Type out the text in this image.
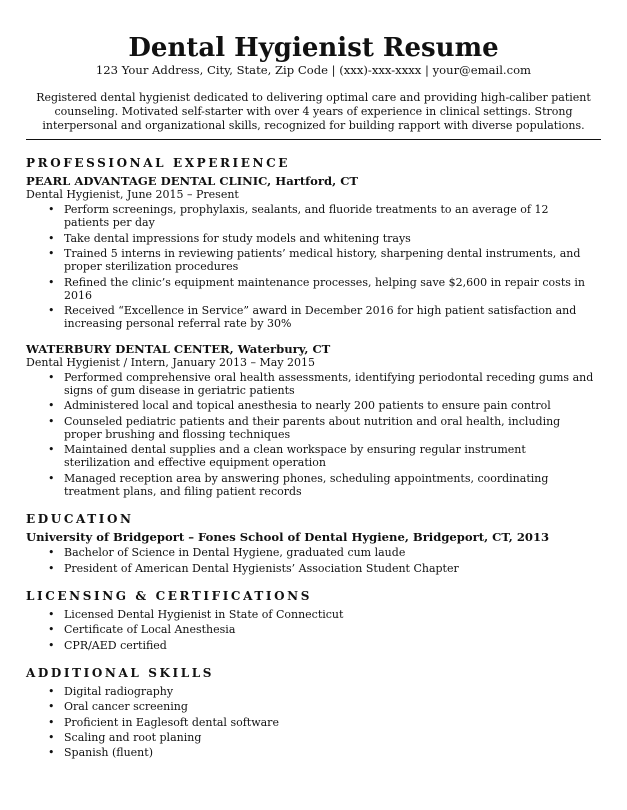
Dental Hygienist Resume
123 Your Address, City, State, Zip Code | (xxx)-xxx-xxxx | your@email.com

Registered dental hygienist dedicated to delivering optimal care and providing high-caliber patient counseling. Motivated self-starter with over 4 years of experience in clinical settings. Strong interpersonal and organizational skills, recognized for building rapport with diverse populations.

PROFESSIONAL EXPERIENCE
PEARL ADVANTAGE DENTAL CLINIC, Hartford, CT
Dental Hygienist, June 2015 – Present
• Perform screenings, prophylaxis, sealants, and fluoride treatments to an average of 12 patients per day
• Take dental impressions for study models and whitening trays
• Trained 5 interns in reviewing patients’ medical history, sharpening dental instruments, and proper sterilization procedures
• Refined the clinic’s equipment maintenance processes, helping save $2,600 in repair costs in 2016
• Received “Excellence in Service” award in December 2016 for high patient satisfaction and increasing personal referral rate by 30%
WATERBURY DENTAL CENTER, Waterbury, CT
Dental Hygienist / Intern, January 2013 – May 2015
• Performed comprehensive oral health assessments, identifying periodontal receding gums and signs of gum disease in geriatric patients
• Administered local and topical anesthesia to nearly 200 patients to ensure pain control
• Counseled pediatric patients and their parents about nutrition and oral health, including proper brushing and flossing techniques
• Maintained dental supplies and a clean workspace by ensuring regular instrument sterilization and effective equipment operation
• Managed reception area by answering phones, scheduling appointments, coordinating treatment plans, and filing patient records
EDUCATION
University of Bridgeport – Fones School of Dental Hygiene, Bridgeport, CT, 2013
• Bachelor of Science in Dental Hygiene, graduated cum laude
• President of American Dental Hygienists’ Association Student Chapter
LICENSING & CERTIFICATIONS
• Licensed Dental Hygienist in State of Connecticut
• Certificate of Local Anesthesia
• CPR/AED certified
ADDITIONAL SKILLS
• Digital radiography
• Oral cancer screening
• Proficient in Eaglesoft dental software
• Scaling and root planing
• Spanish (fluent)
